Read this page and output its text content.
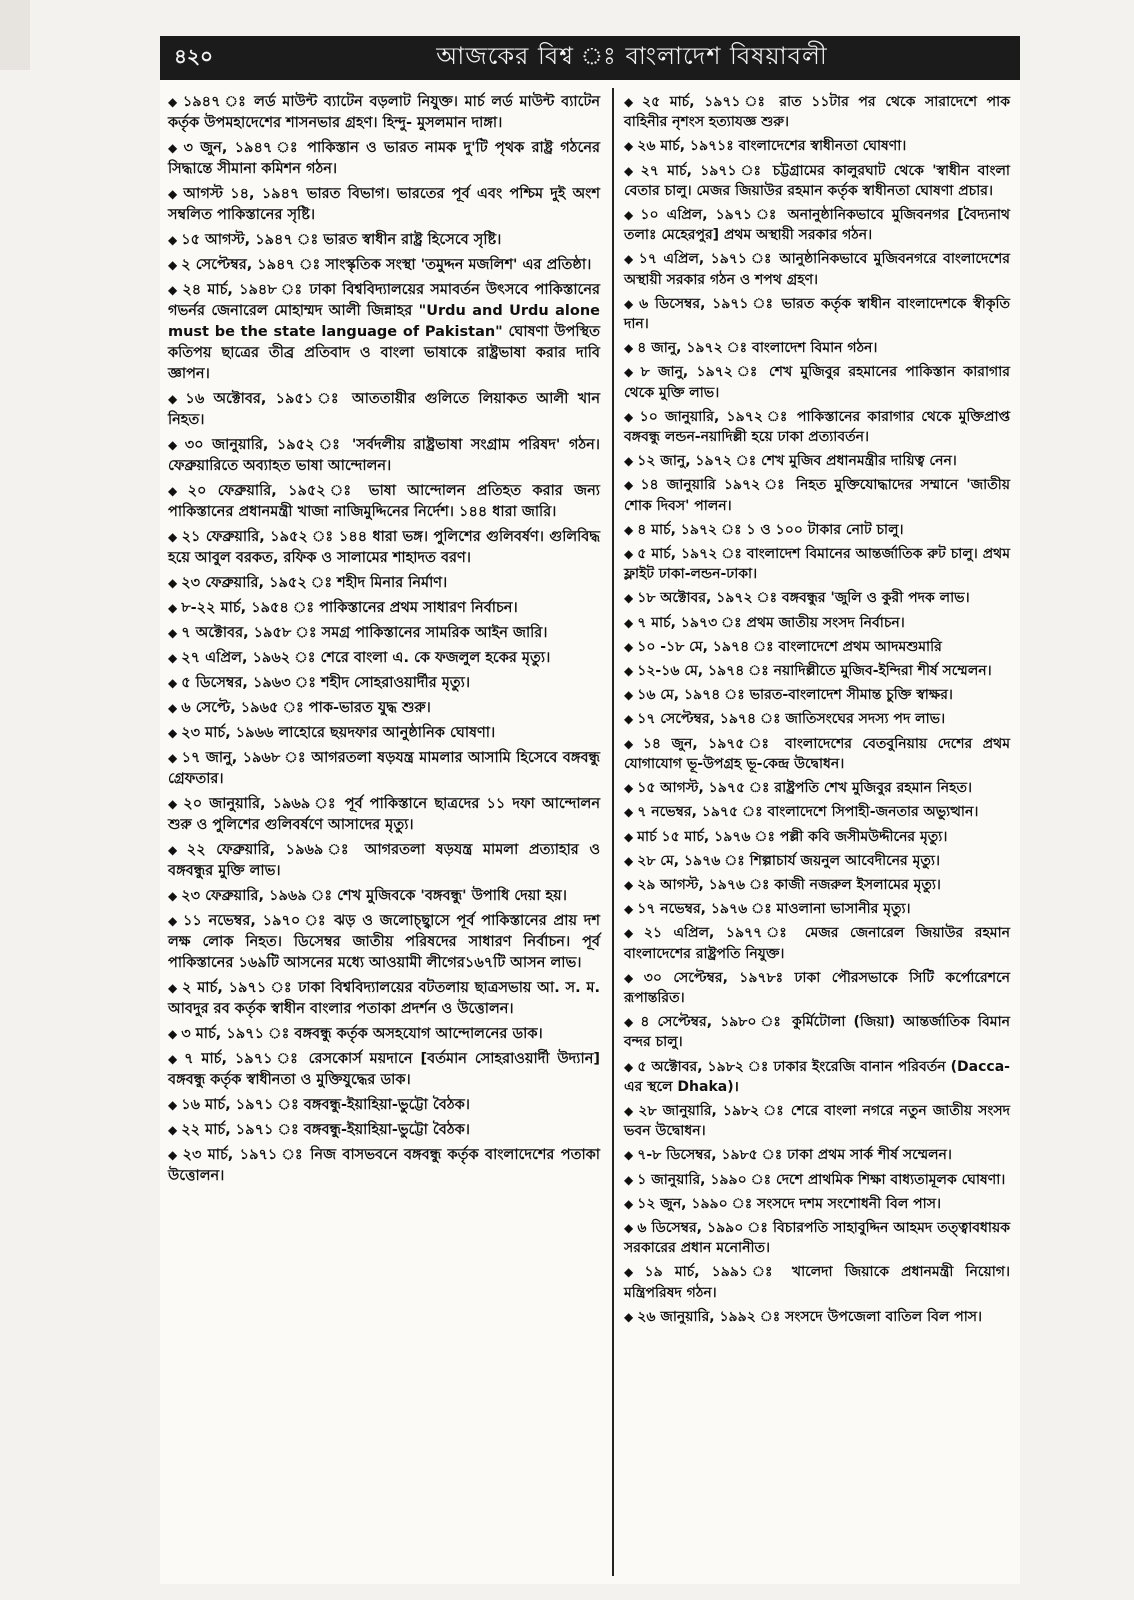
৪২০	আজকের বিশ্ব ঃ বাংলাদেশ বিষয়াবলী

◆ ১৯৪৭ ঃ লর্ড মাউন্ট ব্যাটেন বড়লাট নিযুক্ত। মার্চ লর্ড মাউন্ট ব্যাটেন কর্তৃক উপমহাদেশের শাসনভার গ্রহণ। হিন্দু- মুসলমান দাঙ্গা।

◆ ৩ জুন, ১৯৪৭ ঃ পাকিস্তান ও ভারত নামক দু'টি পৃথক রাষ্ট্র গঠনের সিদ্ধান্তে সীমানা কমিশন গঠন।

◆ আগস্ট ১৪, ১৯৪৭ ভারত বিভাগ। ভারতের পূর্ব এবং পশ্চিম দুই অংশ সম্বলিত পাকিস্তানের সৃষ্টি।

◆ ১৫ আগস্ট, ১৯৪৭ ঃ ভারত স্বাধীন রাষ্ট্র হিসেবে সৃষ্টি।

◆ ২ সেপ্টেম্বর, ১৯৪৭ ঃ সাংস্কৃতিক সংস্থা 'তমুদ্দন মজলিশ' এর প্রতিষ্ঠা।

◆ ২৪ মার্চ, ১৯৪৮ ঃ ঢাকা বিশ্ববিদ্যালয়ের সমাবর্তন উৎসবে পাকিস্তানের গভর্নর জেনারেল মোহাম্মদ আলী জিন্নাহর "Urdu and Urdu alone must be the state language of Pakistan" ঘোষণা উপস্থিত কতিপয় ছাত্রের তীব্র প্রতিবাদ ও বাংলা ভাষাকে রাষ্ট্রভাষা করার দাবি জ্ঞাপন।

◆ ১৬ অক্টোবর, ১৯৫১ ঃ আততায়ীর গুলিতে লিয়াকত আলী খান নিহত।

◆ ৩০ জানুয়ারি, ১৯৫২ ঃ 'সর্বদলীয় রাষ্ট্রভাষা সংগ্রাম পরিষদ' গঠন। ফেব্রুয়ারিতে অব্যাহত ভাষা আন্দোলন।

◆ ২০ ফেব্রুয়ারি, ১৯৫২ ঃ ভাষা আন্দোলন প্রতিহত করার জন্য পাকিস্তানের প্রধানমন্ত্রী খাজা নাজিমুদ্দিনের নির্দেশ। ১৪৪ ধারা জারি।

◆ ২১ ফেব্রুয়ারি, ১৯৫২ ঃ ১৪৪ ধারা ভঙ্গ। পুলিশের গুলিবর্ষণ। গুলিবিদ্ধ হয়ে আবুল বরকত, রফিক ও সালামের শাহাদত বরণ।

◆ ২৩ ফেব্রুয়ারি, ১৯৫২ ঃ শহীদ মিনার নির্মাণ।

◆ ৮-২২ মার্চ, ১৯৫৪ ঃ পাকিস্তানের প্রথম সাধারণ নির্বাচন।

◆ ৭ অক্টোবর, ১৯৫৮ ঃ সমগ্র পাকিস্তানের সামরিক আইন জারি।

◆ ২৭ এপ্রিল, ১৯৬২ ঃ শেরে বাংলা এ. কে ফজলুল হকের মৃত্যু।

◆ ৫ ডিসেম্বর, ১৯৬৩ ঃ শহীদ সোহরাওয়ার্দীর মৃত্যু।

◆ ৬ সেপ্টে, ১৯৬৫ ঃ পাক-ভারত যুদ্ধ শুরু।

◆ ২৩ মার্চ, ১৯৬৬ লাহোরে ছয়দফার আনুষ্ঠানিক ঘোষণা।

◆ ১৭ জানু, ১৯৬৮ ঃ আগরতলা ষড়যন্ত্র মামলার আসামি হিসেবে বঙ্গবন্ধু গ্রেফতার।

◆ ২০ জানুয়ারি, ১৯৬৯ ঃ পূর্ব পাকিস্তানে ছাত্রদের ১১ দফা আন্দোলন শুরু ও পুলিশের গুলিবর্ষণে আসাদের মৃত্যু।

◆ ২২ ফেব্রুয়ারি, ১৯৬৯ ঃ আগরতলা ষড়যন্ত্র মামলা প্রত্যাহার ও বঙ্গবন্ধুর মুক্তি লাভ।

◆ ২৩ ফেব্রুয়ারি, ১৯৬৯ ঃ শেখ মুজিবকে 'বঙ্গবন্ধু' উপাধি দেয়া হয়।

◆ ১১ নভেম্বর, ১৯৭০ ঃ ঝড় ও জলোচ্ছ্বাসে পূর্ব পাকিস্তানের প্রায় দশ লক্ষ লোক নিহত। ডিসেম্বর জাতীয় পরিষদের সাধারণ নির্বাচন। পূর্ব পাকিস্তানের ১৬৯টি আসনের মধ্যে আওয়ামী লীগের১৬৭টি আসন লাভ।

◆ ২ মার্চ, ১৯৭১ ঃ ঢাকা বিশ্ববিদ্যালয়ের বটতলায় ছাত্রসভায় আ. স. ম. আবদুর রব কর্তৃক স্বাধীন বাংলার পতাকা প্রদর্শন ও উত্তোলন।

◆ ৩ মার্চ, ১৯৭১ ঃ বঙ্গবন্ধু কর্তৃক অসহযোগ আন্দোলনের ডাক।

◆ ৭ মার্চ, ১৯৭১ ঃ রেসকোর্স ময়দানে [বর্তমান সোহরাওয়ার্দী উদ্যান] বঙ্গবন্ধু কর্তৃক স্বাধীনতা ও মুক্তিযুদ্ধের ডাক।

◆ ১৬ মার্চ, ১৯৭১ ঃ বঙ্গবন্ধু-ইয়াহিয়া-ভুট্টো বৈঠক।

◆ ২২ মার্চ, ১৯৭১ ঃ বঙ্গবন্ধু-ইয়াহিয়া-ভুট্টো বৈঠক।

◆ ২৩ মার্চ, ১৯৭১ ঃ নিজ বাসভবনে বঙ্গবন্ধু কর্তৃক বাংলাদেশের পতাকা উত্তোলন।

◆ ২৫ মার্চ, ১৯৭১ ঃ রাত ১১টার পর থেকে সারাদেশে পাক বাহিনীর নৃশংস হত্যাযজ্ঞ শুরু।

◆ ২৬ মার্চ, ১৯৭১ঃ বাংলাদেশের স্বাধীনতা ঘোষণা।

◆ ২৭ মার্চ, ১৯৭১ ঃ চট্টগ্রামের কালুরঘাট থেকে 'স্বাধীন বাংলা বেতার চালু। মেজর জিয়াউর রহমান কর্তৃক স্বাধীনতা ঘোষণা প্রচার।

◆ ১০ এপ্রিল, ১৯৭১ ঃ অনানুষ্ঠানিকভাবে মুজিবনগর [বৈদ্যনাথ তলাঃ মেহেরপুর] প্রথম অস্থায়ী সরকার গঠন।

◆ ১৭ এপ্রিল, ১৯৭১ ঃ আনুষ্ঠানিকভাবে মুজিবনগরে বাংলাদেশের অস্থায়ী সরকার গঠন ও শপথ গ্রহণ।

◆ ৬ ডিসেম্বর, ১৯৭১ ঃ ভারত কর্তৃক স্বাধীন বাংলাদেশকে স্বীকৃতি দান।

◆ ৪ জানু, ১৯৭২ ঃ বাংলাদেশ বিমান গঠন।

◆ ৮ জানু, ১৯৭২ ঃ শেখ মুজিবুর রহমানের পাকিস্তান কারাগার থেকে মুক্তি লাভ।

◆ ১০ জানুয়ারি, ১৯৭২ ঃ পাকিস্তানের কারাগার থেকে মুক্তিপ্রাপ্ত বঙ্গবন্ধু লন্ডন-নয়াদিল্লী হয়ে ঢাকা প্রত্যাবর্তন।

◆ ১২ জানু, ১৯৭২ ঃ শেখ মুজিব প্রধানমন্ত্রীর দায়িত্ব নেন।

◆ ১৪ জানুয়ারি ১৯৭২ ঃ নিহত মুক্তিযোদ্ধাদের সম্মানে 'জাতীয় শোক দিবস' পালন।

◆ ৪ মার্চ, ১৯৭২ ঃ ১ ও ১০০ টাকার নোট চালু।

◆ ৫ মার্চ, ১৯৭২ ঃ বাংলাদেশ বিমানের আন্তর্জাতিক রুট চালু। প্রথম ফ্লাইট ঢাকা-লন্ডন-ঢাকা।

◆ ১৮ অক্টোবর, ১৯৭২ ঃ বঙ্গবন্ধুর 'জুলি ও কুরী পদক লাভ।

◆ ৭ মার্চ, ১৯৭৩ ঃ প্রথম জাতীয় সংসদ নির্বাচন।

◆ ১০ -১৮ মে, ১৯৭৪ ঃ বাংলাদেশে প্রথম আদমশুমারি

◆ ১২-১৬ মে, ১৯৭৪ ঃ নয়াদিল্লীতে মুজিব-ইন্দিরা শীর্ষ সম্মেলন।

◆ ১৬ মে, ১৯৭৪ ঃ ভারত-বাংলাদেশ সীমান্ত চুক্তি স্বাক্ষর।

◆ ১৭ সেপ্টেম্বর, ১৯৭৪ ঃ জাতিসংঘের সদস্য পদ লাভ।

◆ ১৪ জুন, ১৯৭৫ ঃ বাংলাদেশের বেতবুনিয়ায় দেশের প্রথম যোগাযোগ ভূ-উপগ্রহ ভূ-কেন্দ্র উদ্বোধন।

◆ ১৫ আগস্ট, ১৯৭৫ ঃ রাষ্ট্রপতি শেখ মুজিবুর রহমান নিহত।

◆ ৭ নভেম্বর, ১৯৭৫ ঃ বাংলাদেশে সিপাহী-জনতার অভ্যুত্থান।

◆ মার্চ ১৫ মার্চ, ১৯৭৬ ঃ পল্লী কবি জসীমউদ্দীনের মৃত্যু।

◆ ২৮ মে, ১৯৭৬ ঃ শিল্পাচার্য জয়নুল আবেদীনের মৃত্যু।

◆ ২৯ আগস্ট, ১৯৭৬ ঃ কাজী নজরুল ইসলামের মৃত্যু।

◆ ১৭ নভেম্বর, ১৯৭৬ ঃ মাওলানা ভাসানীর মৃত্যু।

◆ ২১ এপ্রিল, ১৯৭৭ ঃ মেজর জেনারেল জিয়াউর রহমান বাংলাদেশের রাষ্ট্রপতি নিযুক্ত।

◆ ৩০ সেপ্টেম্বর, ১৯৭৮ঃ ঢাকা পৌরসভাকে সিটি কর্পোরেশনে রূপান্তরিত।

◆ ৪ সেপ্টেম্বর, ১৯৮০ ঃ কুর্মিটোলা (জিয়া) আন্তর্জাতিক বিমান বন্দর চালু।

◆ ৫ অক্টোবর, ১৯৮২ ঃ ঢাকার ইংরেজি বানান পরিবর্তন (Dacca-এর স্থলে Dhaka)।

◆ ২৮ জানুয়ারি, ১৯৮২ ঃ শেরে বাংলা নগরে নতুন জাতীয় সংসদ ভবন উদ্বোধন।

◆ ৭-৮ ডিসেম্বর, ১৯৮৫ ঃ ঢাকা প্রথম সার্ক শীর্ষ সম্মেলন।

◆ ১ জানুয়ারি, ১৯৯০ ঃ দেশে প্রাথমিক শিক্ষা বাধ্যতামূলক ঘোষণা।

◆ ১২ জুন, ১৯৯০ ঃ সংসদে দশম সংশোধনী বিল পাস।

◆ ৬ ডিসেম্বর, ১৯৯০ ঃ বিচারপতি সাহাবুদ্দিন আহমদ তত্ত্বাবধায়ক সরকারের প্রধান মনোনীত।

◆ ১৯ মার্চ, ১৯৯১ ঃ খালেদা জিয়াকে প্রধানমন্ত্রী নিয়োগ। মন্ত্রিপরিষদ গঠন।

◆ ২৬ জানুয়ারি, ১৯৯২ ঃ সংসদে উপজেলা বাতিল বিল পাস।
